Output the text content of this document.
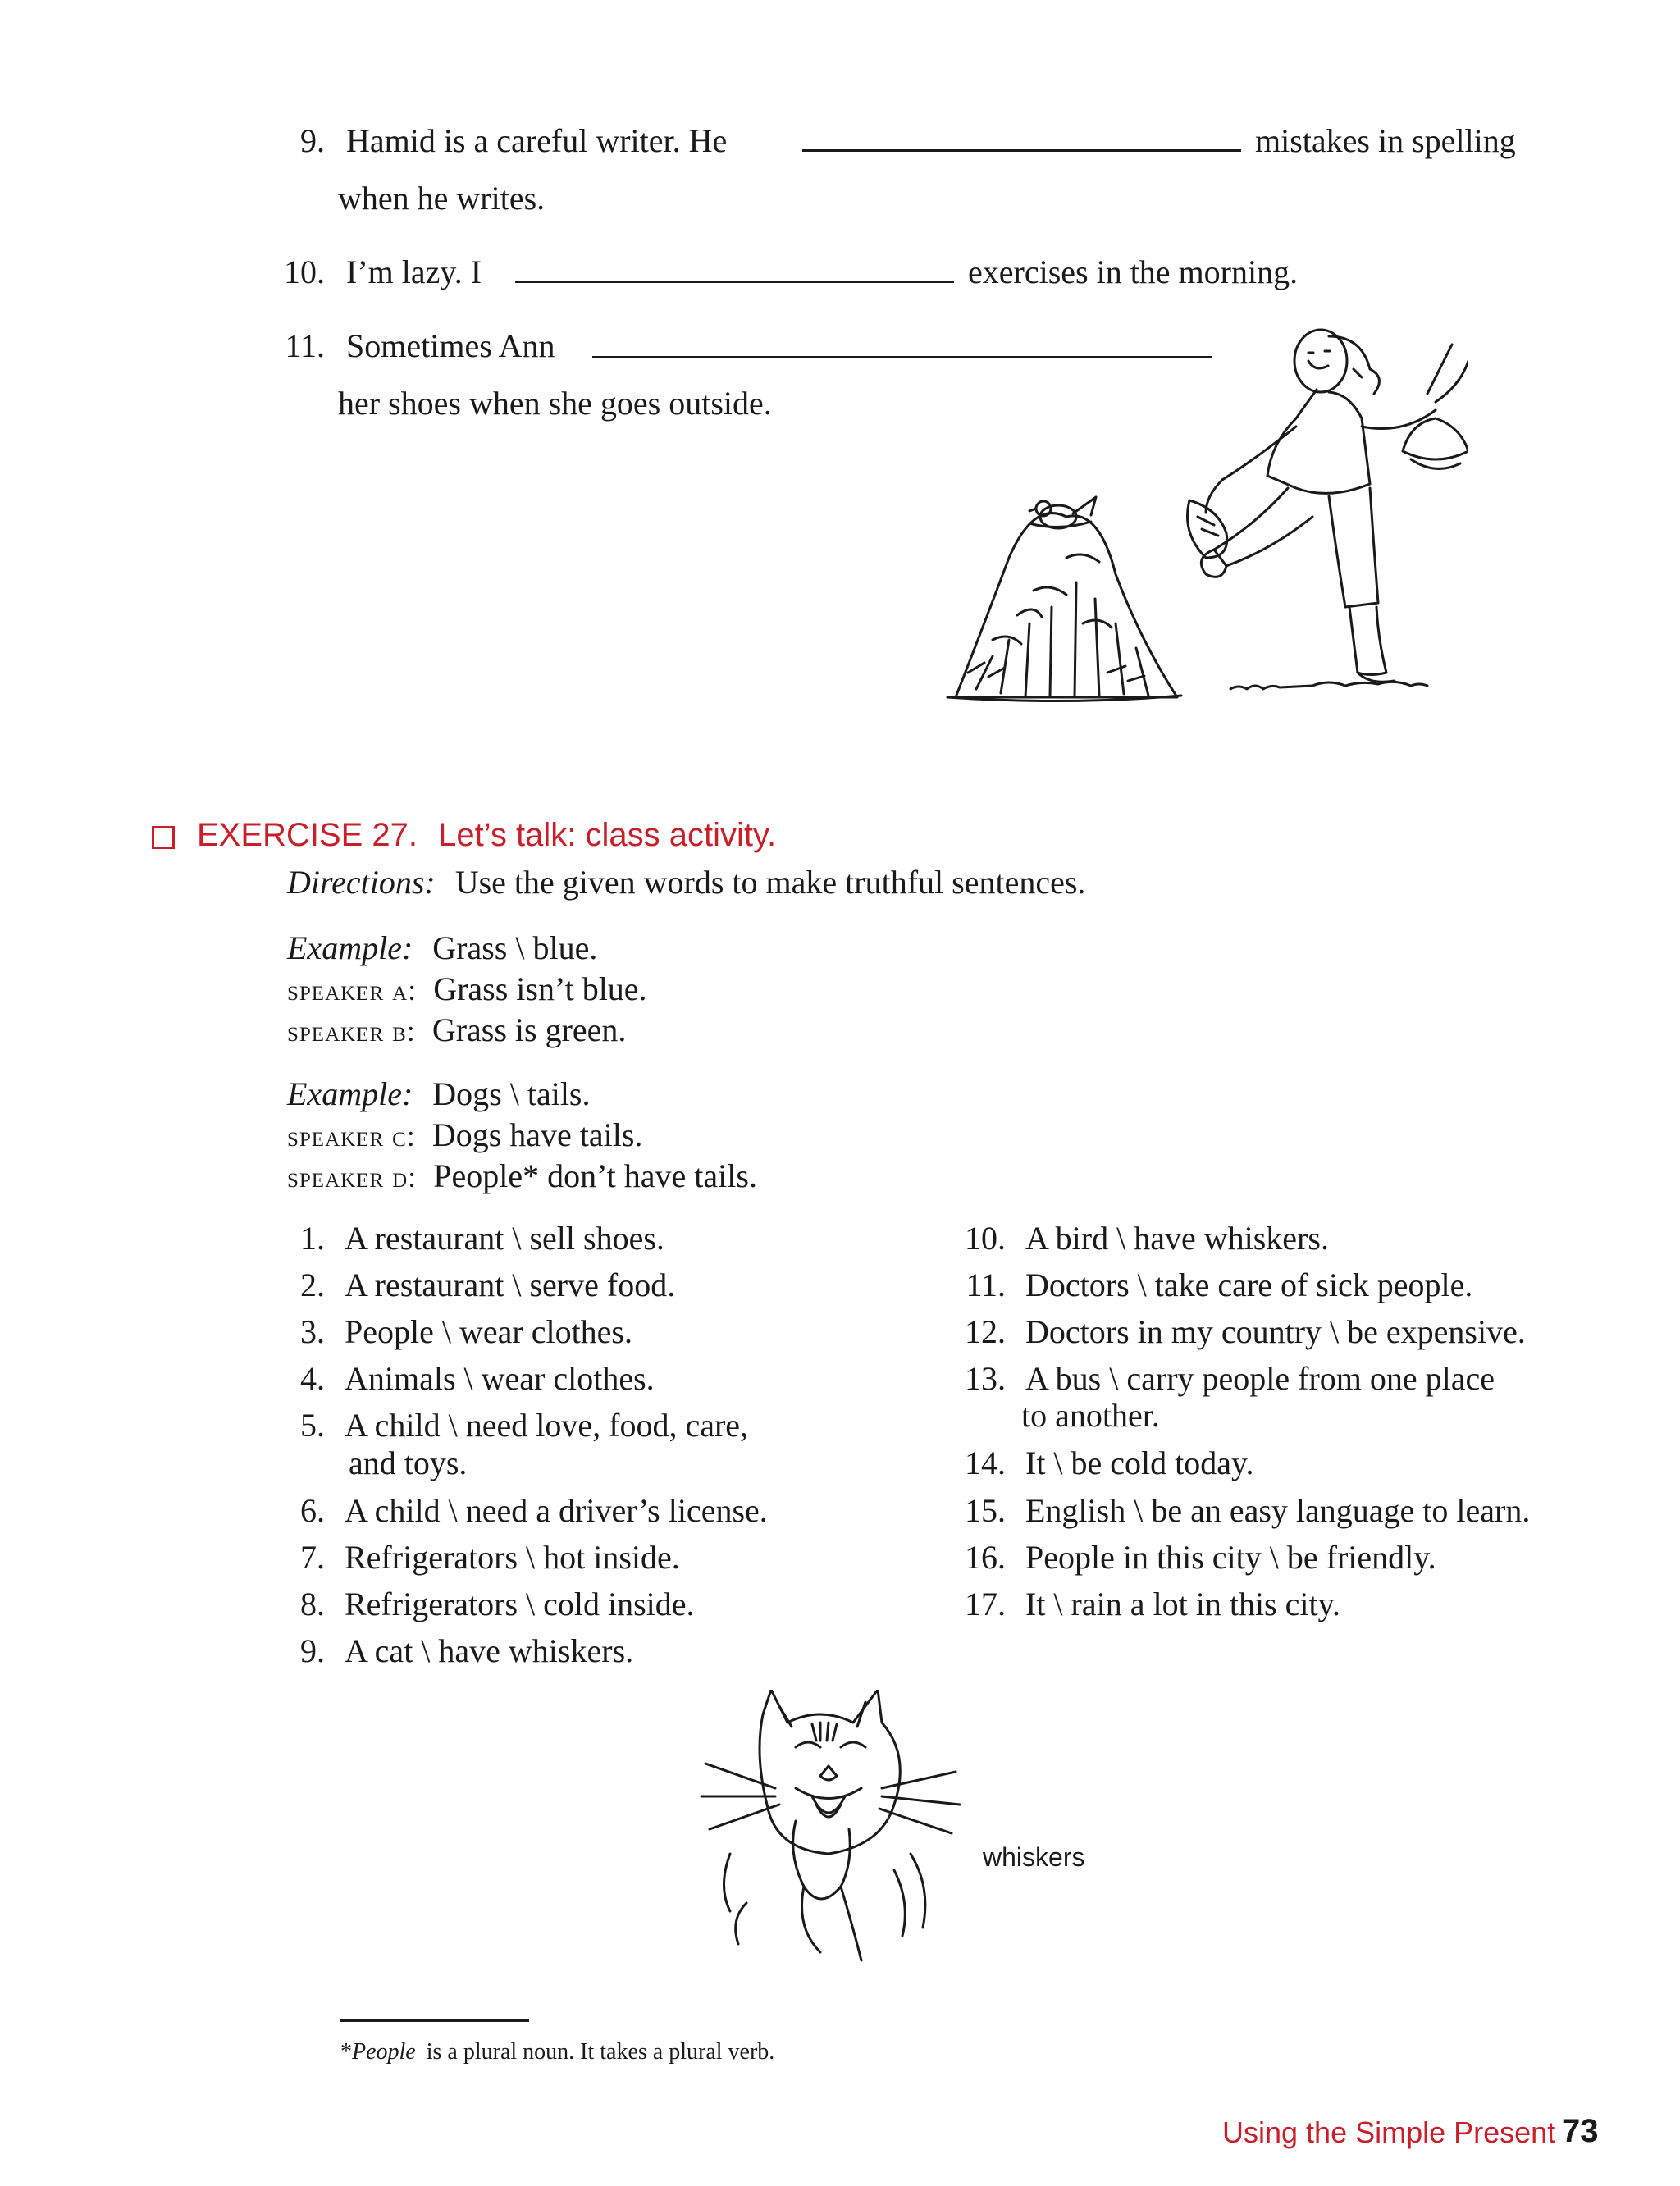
9. Hamid is a careful writer. He	mistakes in spelling
when he writes.
10. I’m lazy. I	exercises in the morning.
11. Sometimes Ann
her shoes when she goes outside.
EXERCISE 27. Let’s talk: class activity.
Directions: Use the given words to make truthful sentences.
Example: Grass \ blue.
speaker a: Grass isn’t blue.
speaker b: Grass is green.
Example: Dogs \ tails.
speaker c: Dogs have tails.
speaker d: People* don’t have tails.
1. A restaurant \ sell shoes.
2. A restaurant \ serve food.
3. People \ wear clothes.
4. Animals \ wear clothes.
5. A child \ need love, food, care,
and toys.
6. A child \ need a driver’s license.
7. Refrigerators \ hot inside.
8. Refrigerators \ cold inside.
9. A cat \ have whiskers.
10. A bird \ have whiskers.
11. Doctors \ take care of sick people.
12. Doctors in my country \ be expensive.
13. A bus \ carry people from one place
to another.
14. It \ be cold today.
15. English \ be an easy language to learn.
16. People in this city \ be friendly.
17. It \ rain a lot in this city.
whiskers
*People is a plural noun. It takes a plural verb.
Using the Simple Present 73
